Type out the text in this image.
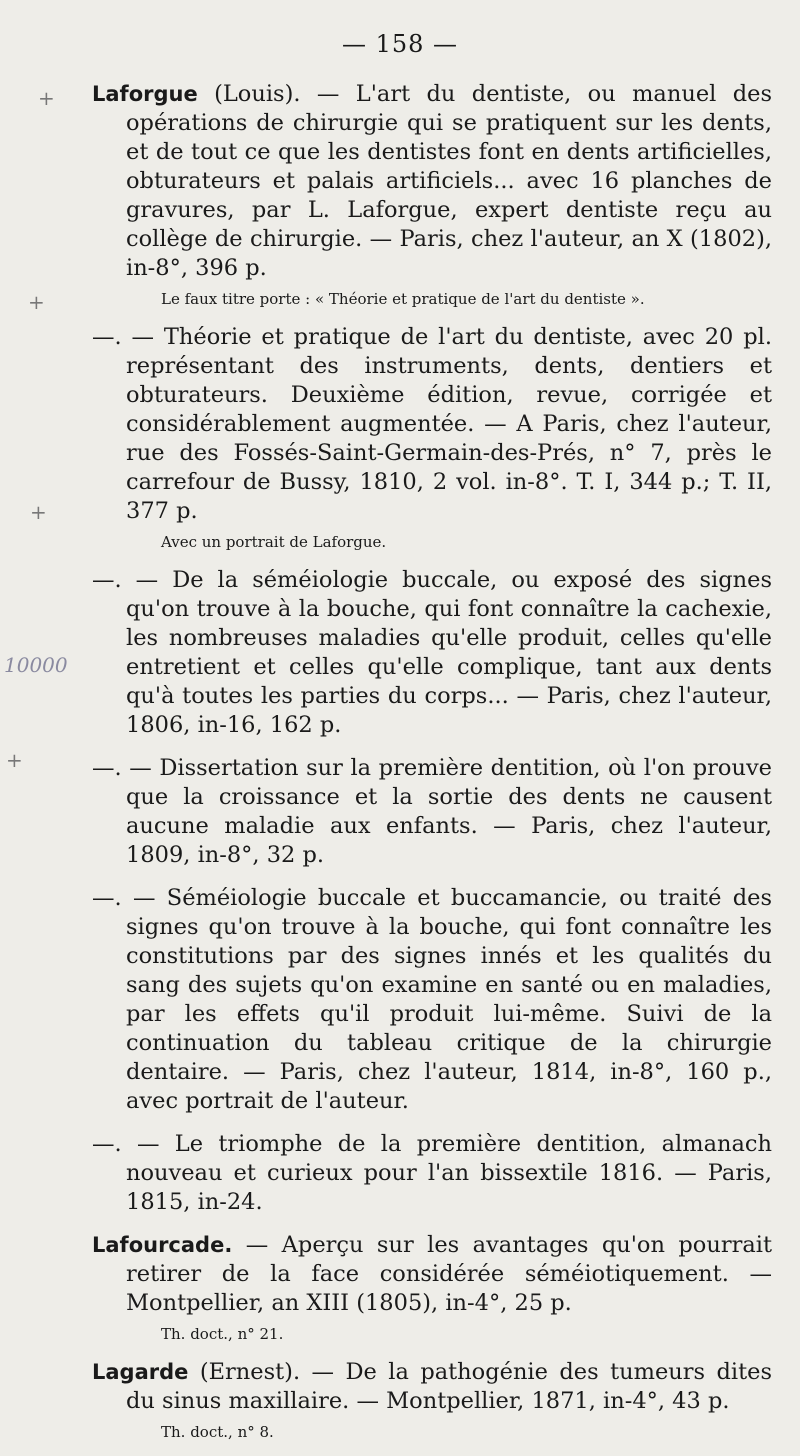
— 158 —
+
+
+
+
10000

Laforgue (Louis). — L'art du dentiste, ou manuel des opérations de chirurgie qui se pratiquent sur les dents, et de tout ce que les dentistes font en dents artificielles, obturateurs et palais artificiels... avec 16 planches de gravures, par L. Laforgue, expert dentiste reçu au collège de chirurgie. — Paris, chez l'auteur, an X (1802), in-8°, 396 p.

Le faux titre porte : « Théorie et pratique de l'art du dentiste ».

—. — Théorie et pratique de l'art du dentiste, avec 20 pl. représentant des instruments, dents, dentiers et obturateurs. Deuxième édition, revue, corrigée et considérablement augmentée. — A Paris, chez l'auteur, rue des Fossés-Saint-Germain-des-Prés, n° 7, près le carrefour de Bussy, 1810, 2 vol. in-8°. T. I, 344 p.; T. II, 377 p.

Avec un portrait de Laforgue.

—. — De la séméiologie buccale, ou exposé des signes qu'on trouve à la bouche, qui font connaître la cachexie, les nombreuses maladies qu'elle produit, celles qu'elle entretient et celles qu'elle complique, tant aux dents qu'à toutes les parties du corps... — Paris, chez l'auteur, 1806, in-16, 162 p.

—. — Dissertation sur la première dentition, où l'on prouve que la croissance et la sortie des dents ne causent aucune maladie aux enfants. — Paris, chez l'auteur, 1809, in-8°, 32 p.

—. — Séméiologie buccale et buccamancie, ou traité des signes qu'on trouve à la bouche, qui font connaître les constitutions par des signes innés et les qualités du sang des sujets qu'on examine en santé ou en maladies, par les effets qu'il produit lui-même. Suivi de la continuation du tableau critique de la chirurgie dentaire. — Paris, chez l'auteur, 1814, in-8°, 160 p., avec portrait de l'auteur.

—. — Le triomphe de la première dentition, almanach nouveau et curieux pour l'an bissextile 1816. — Paris, 1815, in-24.

Lafourcade. — Aperçu sur les avantages qu'on pourrait retirer de la face considérée séméiotiquement. — Montpellier, an XIII (1805), in-4°, 25 p.

Th. doct., n° 21.

Lagarde (Ernest). — De la pathogénie des tumeurs dites du sinus maxillaire. — Montpellier, 1871, in-4°, 43 p.

Th. doct., n° 8.
